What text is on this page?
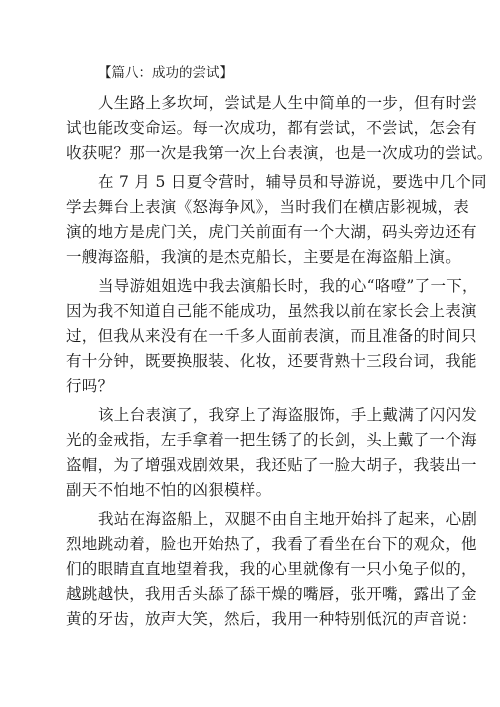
【篇八：成功的尝试】
人生路上多坎坷，尝试是人生中简单的一步，但有时尝
试也能改变命运。每一次成功，都有尝试，不尝试，怎会有
收获呢？那一次是我第一次上台表演，也是一次成功的尝试。
在 7 月 5 日夏令营时，辅导员和导游说，要选中几个同
学去舞台上表演《怒海争风》，当时我们在横店影视城，表
演的地方是虎门关，虎门关前面有一个大湖，码头旁边还有
一艘海盗船，我演的是杰克船长，主要是在海盗船上演。
当导游姐姐选中我去演船长时，我的心“咯噔”了一下，
因为我不知道自己能不能成功，虽然我以前在家长会上表演
过，但我从来没有在一千多人面前表演，而且准备的时间只
有十分钟，既要换服装、化妆，还要背熟十三段台词，我能
行吗？
该上台表演了，我穿上了海盗服饰，手上戴满了闪闪发
光的金戒指，左手拿着一把生锈了的长剑，头上戴了一个海
盗帽，为了增强戏剧效果，我还贴了一脸大胡子，我装出一
副天不怕地不怕的凶狠模样。
我站在海盗船上，双腿不由自主地开始抖了起来，心剧
烈地跳动着，脸也开始热了，我看了看坐在台下的观众，他
们的眼睛直直地望着我，我的心里就像有一只小兔子似的，
越跳越快，我用舌头舔了舔干燥的嘴唇，张开嘴，露出了金
黄的牙齿，放声大笑，然后，我用一种特别低沉的声音说：
